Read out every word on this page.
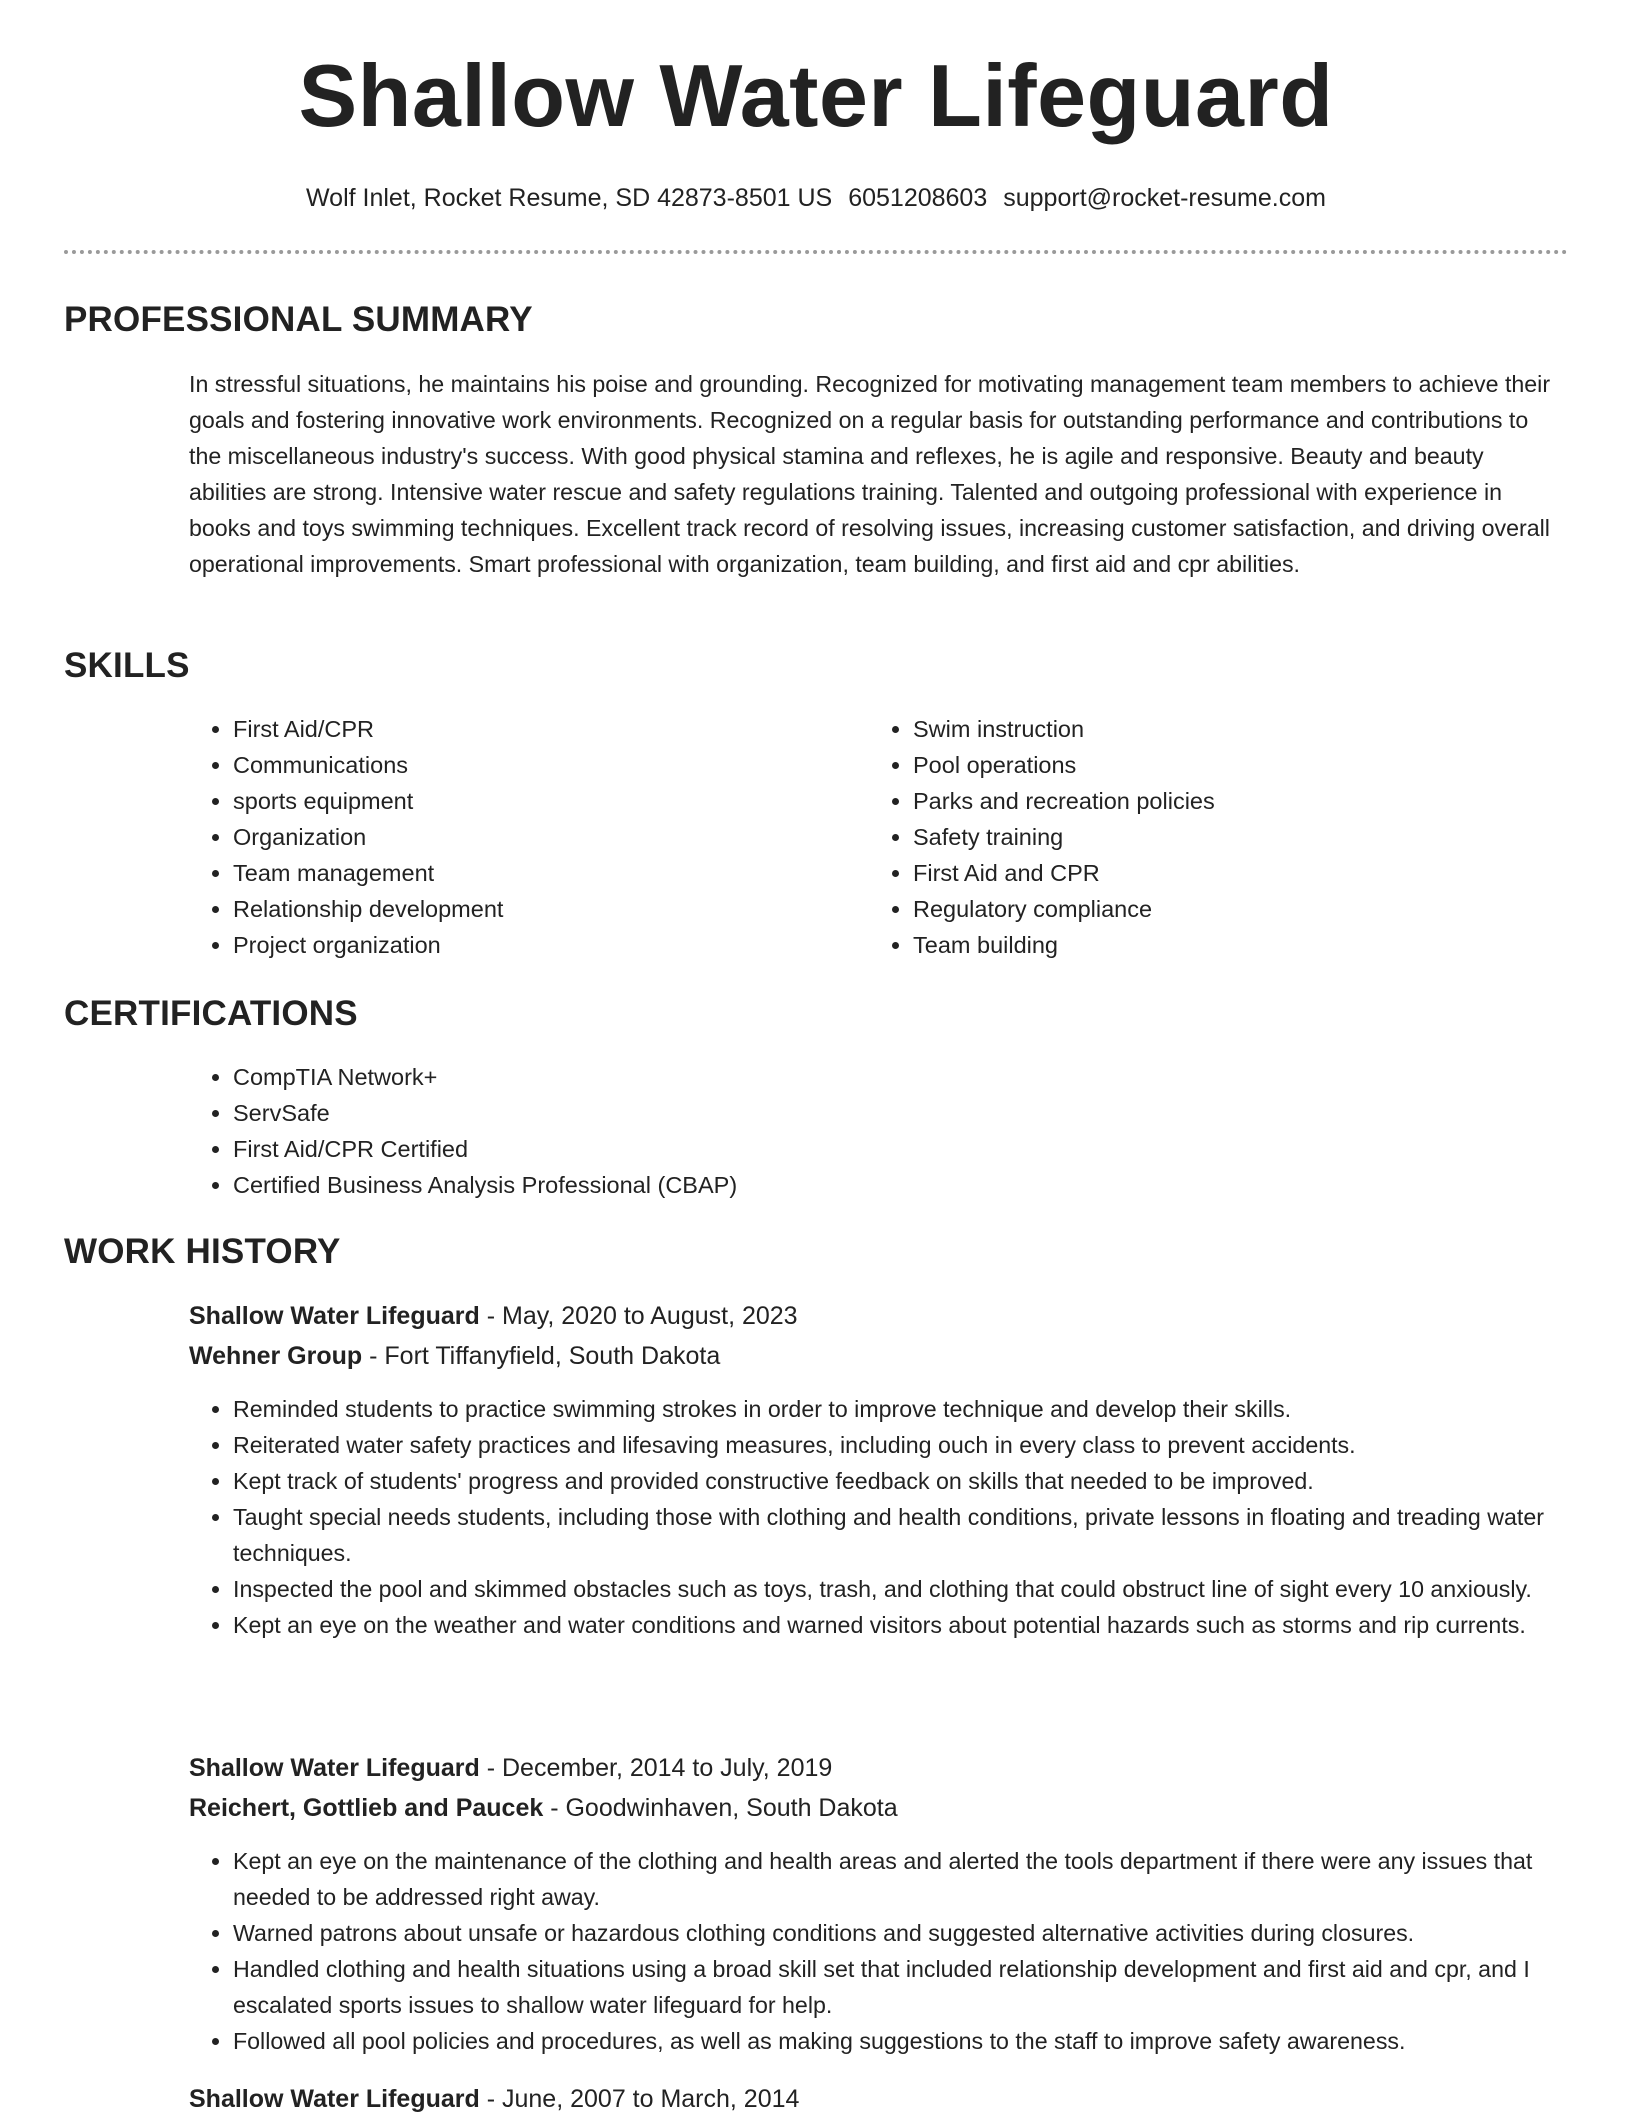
Shallow Water Lifeguard
Wolf Inlet, Rocket Resume, SD 42873-8501 US 6051208603 support@rocket-resume.com
PROFESSIONAL SUMMARY

In stressful situations, he maintains his poise and grounding. Recognized for motivating management team members to achieve their goals and fostering innovative work environments. Recognized on a regular basis for outstanding performance and contributions to the miscellaneous industry's success. With good physical stamina and reflexes, he is agile and responsive. Beauty and beauty abilities are strong. Intensive water rescue and safety regulations training. Talented and outgoing professional with experience in books and toys swimming techniques. Excellent track record of resolving issues, increasing customer satisfaction, and driving overall operational improvements. Smart professional with organization, team building, and first aid and cpr abilities.

SKILLS
• First Aid/CPR
• Communications
• sports equipment
• Organization
• Team management
• Relationship development
• Project organization
• Swim instruction
• Pool operations
• Parks and recreation policies
• Safety training
• First Aid and CPR
• Regulatory compliance
• Team building
CERTIFICATIONS
• CompTIA Network+
• ServSafe
• First Aid/CPR Certified
• Certified Business Analysis Professional (CBAP)
WORK HISTORY
Shallow Water Lifeguard - May, 2020 to August, 2023
Wehner Group - Fort Tiffanyfield, South Dakota
• Reminded students to practice swimming strokes in order to improve technique and develop their skills.
• Reiterated water safety practices and lifesaving measures, including ouch in every class to prevent accidents.
• Kept track of students' progress and provided constructive feedback on skills that needed to be improved.
• Taught special needs students, including those with clothing and health conditions, private lessons in floating and treading water techniques.
• Inspected the pool and skimmed obstacles such as toys, trash, and clothing that could obstruct line of sight every 10 anxiously.
• Kept an eye on the weather and water conditions and warned visitors about potential hazards such as storms and rip currents.
Shallow Water Lifeguard - December, 2014 to July, 2019
Reichert, Gottlieb and Paucek - Goodwinhaven, South Dakota
• Kept an eye on the maintenance of the clothing and health areas and alerted the tools department if there were any issues that needed to be addressed right away.
• Warned patrons about unsafe or hazardous clothing conditions and suggested alternative activities during closures.
• Handled clothing and health situations using a broad skill set that included relationship development and first aid and cpr, and I escalated sports issues to shallow water lifeguard for help.
• Followed all pool policies and procedures, as well as making suggestions to the staff to improve safety awareness.
Shallow Water Lifeguard - June, 2007 to March, 2014
